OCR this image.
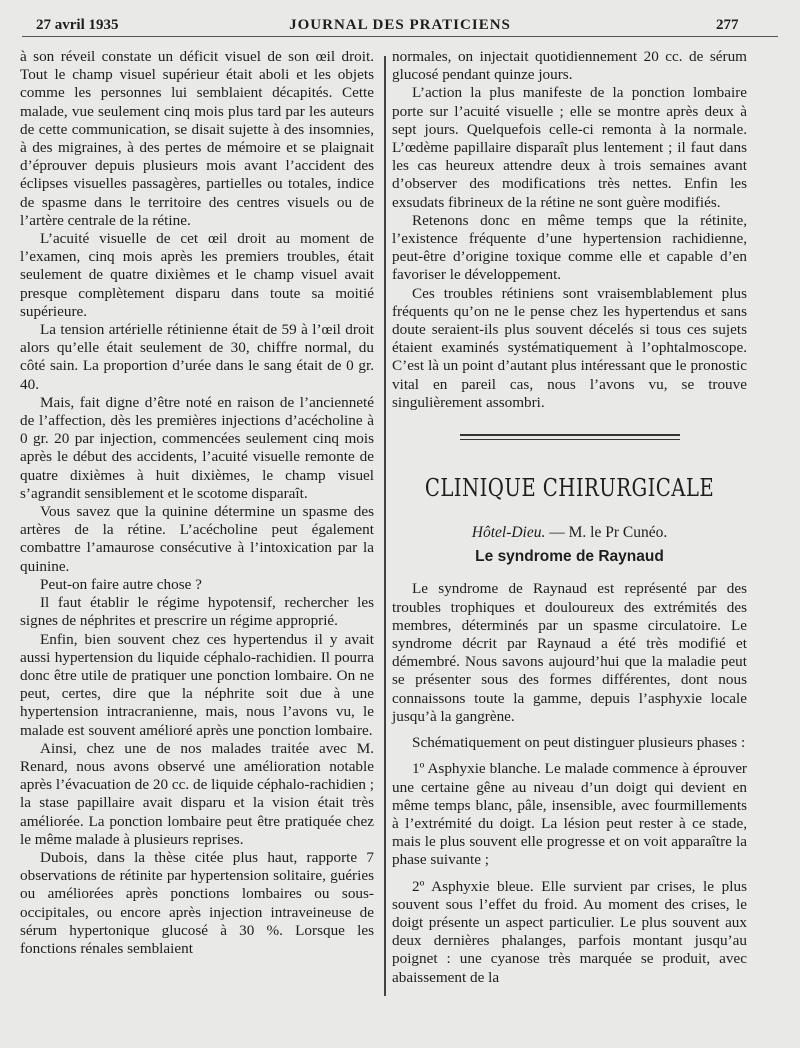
27 avril 1935	JOURNAL DES PRATICIENS	277

à son réveil constate un déficit visuel de son œil droit. Tout le champ visuel supérieur était aboli et les objets comme les personnes lui semblaient décapités. Cette malade, vue seulement cinq mois plus tard par les auteurs de cette communication, se disait sujette à des insomnies, à des migraines, à des pertes de mémoire et se plaignait d’éprouver depuis plusieurs mois avant l’accident des éclipses visuelles passagères, partielles ou totales, indice de spasme dans le territoire des centres visuels ou de l’artère centrale de la rétine.

L’acuité visuelle de cet œil droit au moment de l’examen, cinq mois après les premiers troubles, était seulement de quatre dixièmes et le champ visuel avait presque complètement disparu dans toute sa moitié supérieure.

La tension artérielle rétinienne était de 59 à l’œil droit alors qu’elle était seulement de 30, chiffre normal, du côté sain. La proportion d’urée dans le sang était de 0 gr. 40.

Mais, fait digne d’être noté en raison de l’ancienneté de l’affection, dès les premières injections d’acécholine à 0 gr. 20 par injection, commencées seulement cinq mois après le début des accidents, l’acuité visuelle remonte de quatre dixièmes à huit dixièmes, le champ visuel s’agrandit sensiblement et le scotome disparaît.

Vous savez que la quinine détermine un spasme des artères de la rétine. L’acécholine peut également combattre l’amaurose consécutive à l’intoxication par la quinine.

Peut-on faire autre chose ?

Il faut établir le régime hypotensif, rechercher les signes de néphrites et prescrire un régime approprié.

Enfin, bien souvent chez ces hypertendus il y avait aussi hypertension du liquide céphalo-rachidien. Il pourra donc être utile de pratiquer une ponction lombaire. On ne peut, certes, dire que la néphrite soit due à une hypertension intracranienne, mais, nous l’avons vu, le malade est souvent amélioré après une ponction lombaire.

Ainsi, chez une de nos malades traitée avec M. Renard, nous avons observé une amélioration notable après l’évacuation de 20 cc. de liquide céphalo-rachidien ; la stase papillaire avait disparu et la vision était très améliorée. La ponction lombaire peut être pratiquée chez le même malade à plusieurs reprises.

Dubois, dans la thèse citée plus haut, rapporte 7 observations de rétinite par hypertension solitaire, guéries ou améliorées après ponctions lombaires ou sous-occipitales, ou encore après injection intraveineuse de sérum hypertonique glucosé à 30 %. Lorsque les fonctions rénales semblaient

normales, on injectait quotidiennement 20 cc. de sérum glucosé pendant quinze jours.

L’action la plus manifeste de la ponction lombaire porte sur l’acuité visuelle ; elle se montre après deux à sept jours. Quelquefois celle-ci remonta à la normale. L’œdème papillaire disparaît plus lentement ; il faut dans les cas heureux attendre deux à trois semaines avant d’observer des modifications très nettes. Enfin les exsudats fibrineux de la rétine ne sont guère modifiés.

Retenons donc en même temps que la rétinite, l’existence fréquente d’une hypertension rachidienne, peut-être d’origine toxique comme elle et capable d’en favoriser le développement.

Ces troubles rétiniens sont vraisemblablement plus fréquents qu’on ne le pense chez les hypertendus et sans doute seraient-ils plus souvent décelés si tous ces sujets étaient examinés systématiquement à l’ophtalmoscope. C’est là un point d’autant plus intéressant que le pronostic vital en pareil cas, nous l’avons vu, se trouve singulièrement assombri.

CLINIQUE CHIRURGICALE
Hôtel-Dieu. — M. le Pr Cunéo.
Le syndrome de Raynaud

Le syndrome de Raynaud est représenté par des troubles trophiques et douloureux des extrémités des membres, déterminés par un spasme circulatoire. Le syndrome décrit par Raynaud a été très modifié et démembré. Nous savons aujourd’hui que la maladie peut se présenter sous des formes différentes, dont nous connaissons toute la gamme, depuis l’asphyxie locale jusqu’à la gangrène.

Schématiquement on peut distinguer plusieurs phases :

1º Asphyxie blanche. Le malade commence à éprouver une certaine gêne au niveau d’un doigt qui devient en même temps blanc, pâle, insensible, avec fourmillements à l’extrémité du doigt. La lésion peut rester à ce stade, mais le plus souvent elle progresse et on voit apparaître la phase suivante ;

2º Asphyxie bleue. Elle survient par crises, le plus souvent sous l’effet du froid. Au moment des crises, le doigt présente un aspect particulier. Le plus souvent aux deux dernières phalanges, parfois montant jusqu’au poignet : une cyanose très marquée se produit, avec abaissement de la
